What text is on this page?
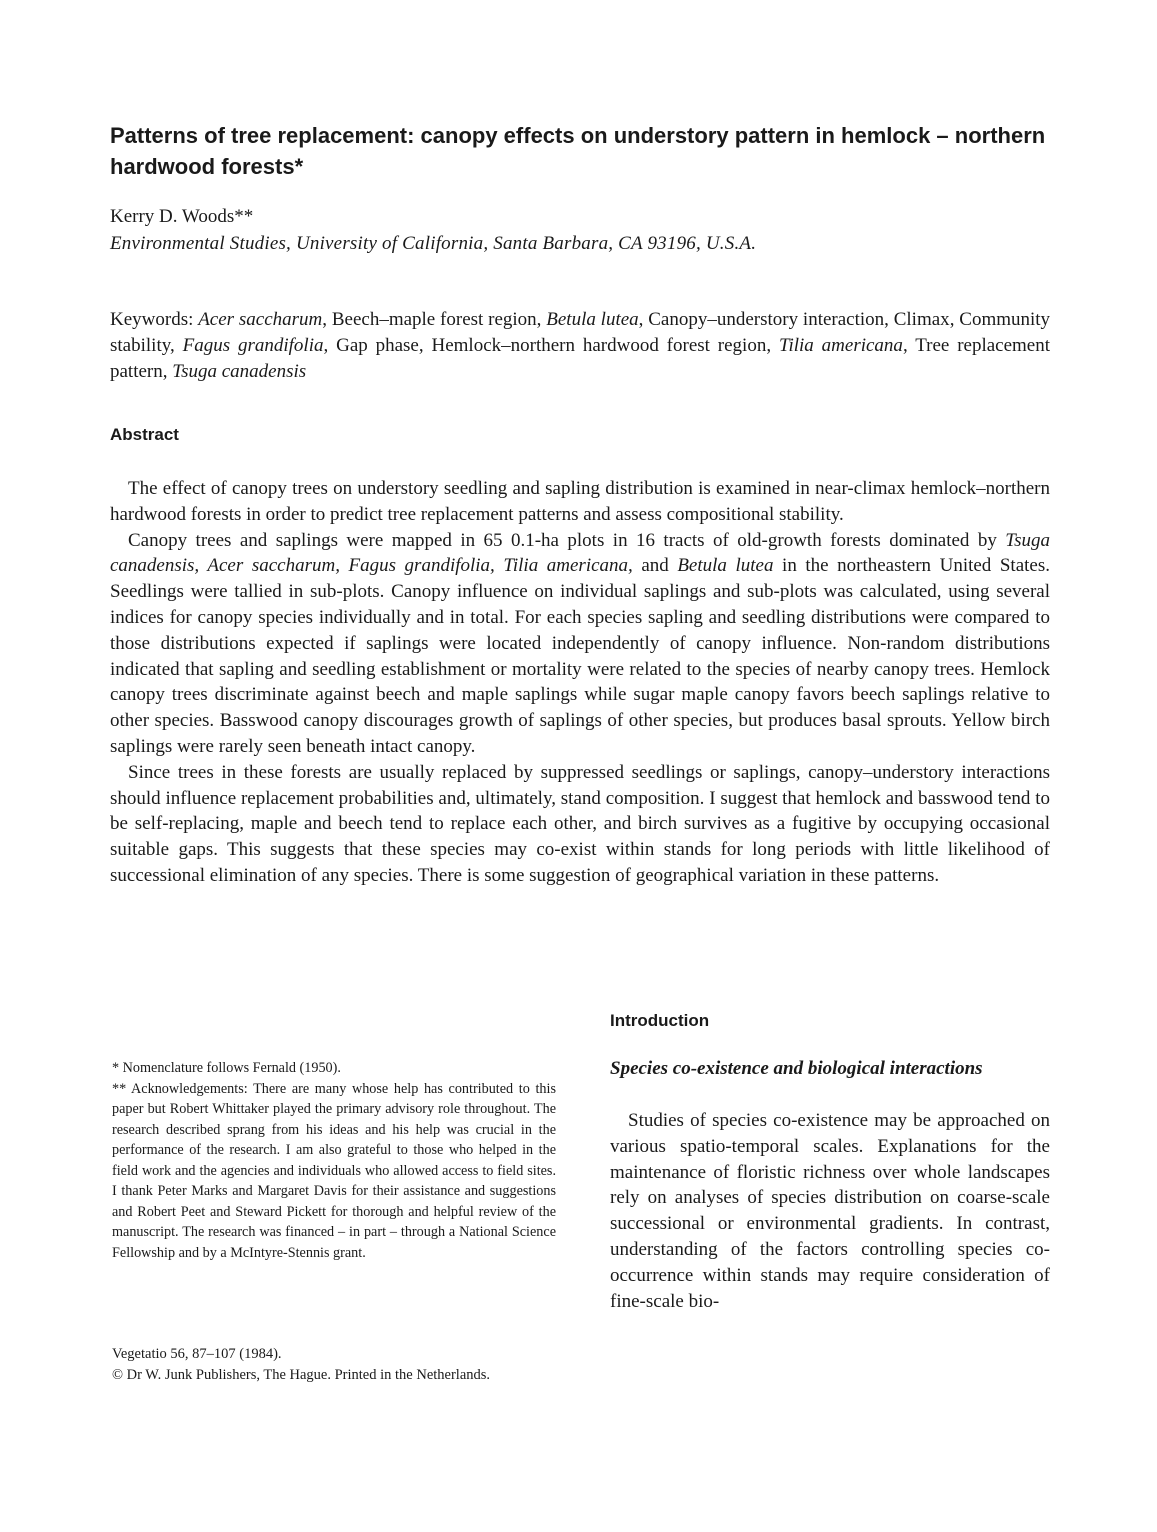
Patterns of tree replacement: canopy effects on understory pattern in hemlock – northern hardwood forests*
Kerry D. Woods**
Environmental Studies, University of California, Santa Barbara, CA 93196, U.S.A.

Keywords: Acer saccharum, Beech–maple forest region, Betula lutea, Canopy–understory interaction, Climax, Community stability, Fagus grandifolia, Gap phase, Hemlock–northern hardwood forest region, Tilia americana, Tree replacement pattern, Tsuga canadensis

Abstract

The effect of canopy trees on understory seedling and sapling distribution is examined in near-climax hemlock–northern hardwood forests in order to predict tree replacement patterns and assess compositional stability.

Canopy trees and saplings were mapped in 65 0.1-ha plots in 16 tracts of old-growth forests dominated by Tsuga canadensis, Acer saccharum, Fagus grandifolia, Tilia americana, and Betula lutea in the northeastern United States. Seedlings were tallied in sub-plots. Canopy influence on individual saplings and sub-plots was calculated, using several indices for canopy species individually and in total. For each species sapling and seedling distributions were compared to those distributions expected if saplings were located independently of canopy influence. Non-random distributions indicated that sapling and seedling establishment or mortality were related to the species of nearby canopy trees. Hemlock canopy trees discriminate against beech and maple saplings while sugar maple canopy favors beech saplings relative to other species. Basswood canopy discourages growth of saplings of other species, but produces basal sprouts. Yellow birch saplings were rarely seen beneath intact canopy.

Since trees in these forests are usually replaced by suppressed seedlings or saplings, canopy–understory interactions should influence replacement probabilities and, ultimately, stand composition. I suggest that hemlock and basswood tend to be self-replacing, maple and beech tend to replace each other, and birch survives as a fugitive by occupying occasional suitable gaps. This suggests that these species may co-exist within stands for long periods with little likelihood of successional elimination of any species. There is some suggestion of geographical variation in these patterns.

* Nomenclature follows Fernald (1950).

** Acknowledgements: There are many whose help has contributed to this paper but Robert Whittaker played the primary advisory role throughout. The research described sprang from his ideas and his help was crucial in the performance of the research. I am also grateful to those who helped in the field work and the agencies and individuals who allowed access to field sites. I thank Peter Marks and Margaret Davis for their assistance and suggestions and Robert Peet and Steward Pickett for thorough and helpful review of the manuscript. The research was financed – in part – through a National Science Fellowship and by a McIntyre-Stennis grant.

Vegetatio 56, 87–107 (1984).
© Dr W. Junk Publishers, The Hague. Printed in the Netherlands.
Introduction
Species co-existence and biological interactions

Studies of species co-existence may be approached on various spatio-temporal scales. Explanations for the maintenance of floristic richness over whole landscapes rely on analyses of species distribution on coarse-scale successional or environmental gradients. In contrast, understanding of the factors controlling species co-occurrence within stands may require consideration of fine-scale bio-
